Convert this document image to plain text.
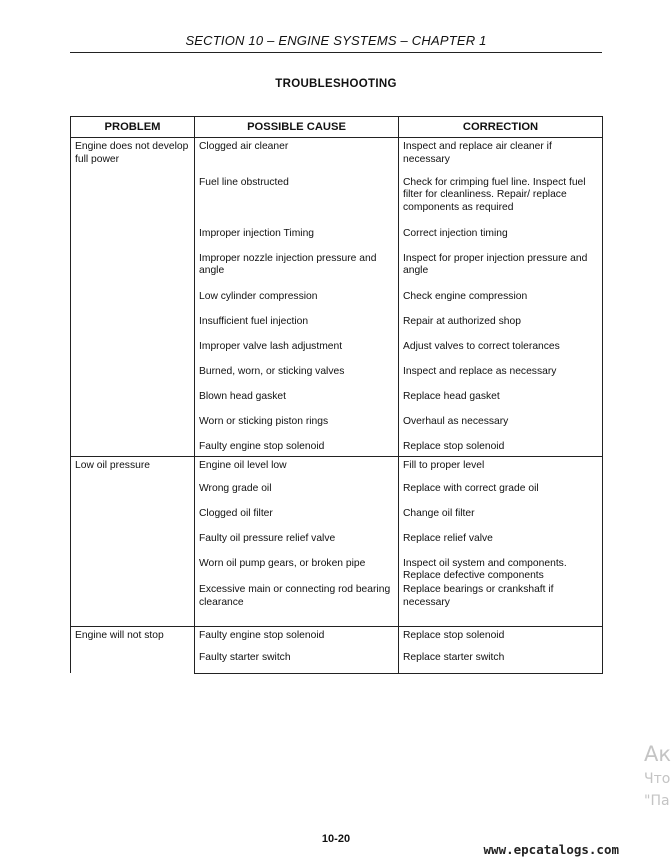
SECTION 10 – ENGINE SYSTEMS – CHAPTER 1
TROUBLESHOOTING
PROBLEM	POSSIBLE CAUSE	CORRECTION
Engine does not develop full power	Clogged air cleaner	Inspect and replace air cleaner if necessary
	Fuel line obstructed	Check for crimping fuel line. Inspect fuel filter for cleanliness. Repair/ replace components as required
	Improper injection Timing	Correct injection timing
	Improper nozzle injection pressure and angle	Inspect for proper injection pressure and angle
	Low cylinder compression	Check engine compression
	Insufficient fuel injection	Repair at authorized shop
	Improper valve lash adjustment	Adjust valves to correct tolerances
	Burned, worn, or sticking valves	Inspect and replace as necessary
	Blown head gasket	Replace head gasket
	Worn or sticking piston rings	Overhaul as necessary
	Faulty engine stop solenoid	Replace stop solenoid
Low oil pressure	Engine oil level low	Fill to proper level
	Wrong grade oil	Replace with correct grade oil
	Clogged oil filter	Change oil filter
	Faulty oil pressure relief valve	Replace relief valve
	Worn oil pump gears, or broken pipe	Inspect oil system and components. Replace defective components
	Excessive main or connecting rod bearing clearance	Replace bearings or crankshaft if necessary
Engine will not stop	Faulty engine stop solenoid	Replace stop solenoid
	Faulty starter switch	Replace starter switch
10-20
www.epcatalogs.com
Ак
Что
"Па
